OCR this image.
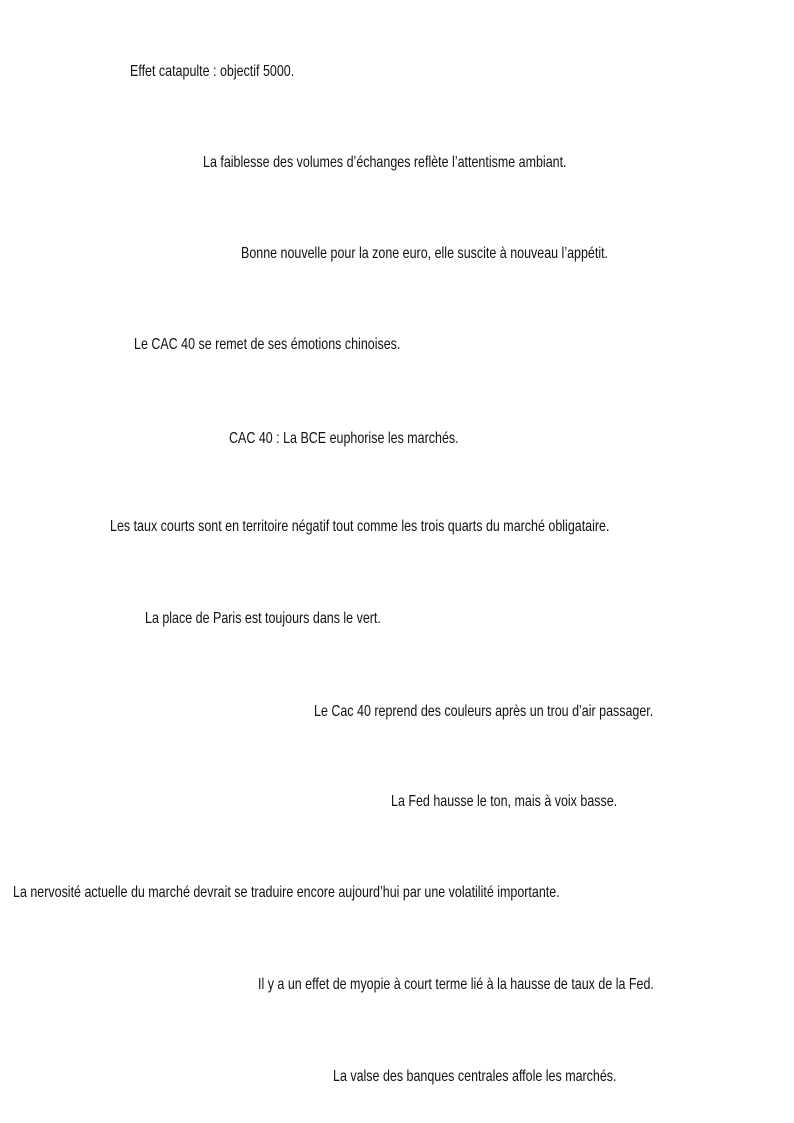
Effet catapulte : objectif 5000.

La faiblesse des volumes d’échanges reflète l’attentisme ambiant.

Bonne nouvelle pour la zone euro, elle suscite à nouveau l’appétit.

Le CAC 40 se remet de ses émotions chinoises.

CAC 40 : La BCE euphorise les marchés.

Les taux courts sont en territoire négatif tout comme les trois quarts du marché obligataire.

La place de Paris est toujours dans le vert.

Le Cac 40 reprend des couleurs après un trou d’air passager.

La Fed hausse le ton, mais à voix basse.

La nervosité actuelle du marché devrait se traduire encore aujourd’hui par une volatilité importante.

Il y a un effet de myopie à court terme lié à la hausse de taux de la Fed.

La valse des banques centrales affole les marchés.
